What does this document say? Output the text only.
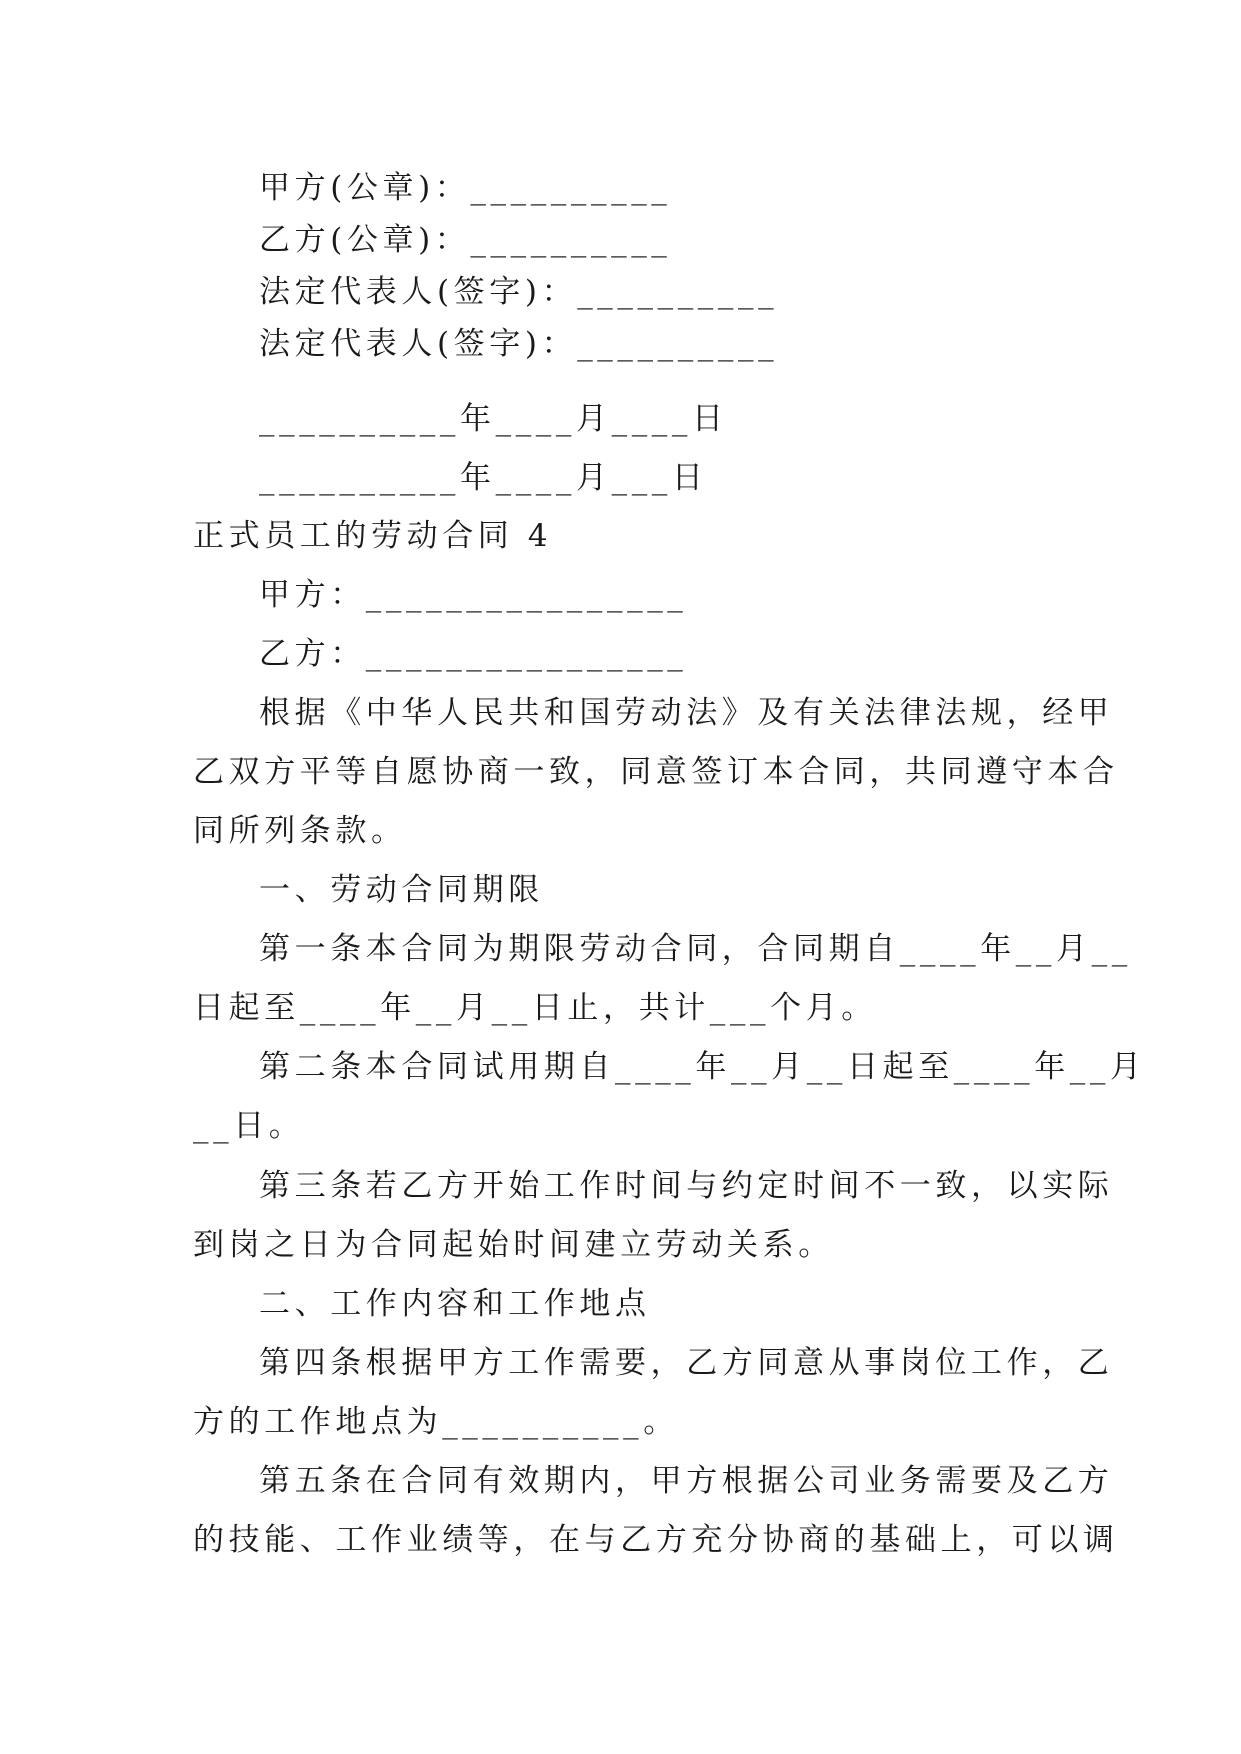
甲方(公章)：__________
乙方(公章)：__________
法定代表人(签字)：__________
法定代表人(签字)：__________
__________年____月____日
__________年____月___日
正式员工的劳动合同 4
甲方：________________
乙方：________________
根据《中华人民共和国劳动法》及有关法律法规，经甲
乙双方平等自愿协商一致，同意签订本合同，共同遵守本合
同所列条款。
一、劳动合同期限
第一条本合同为期限劳动合同，合同期自____年__月__
日起至____年__月__日止，共计___个月。
第二条本合同试用期自____年__月__日起至____年__月
__日。
第三条若乙方开始工作时间与约定时间不一致，以实际
到岗之日为合同起始时间建立劳动关系。
二、工作内容和工作地点
第四条根据甲方工作需要，乙方同意从事岗位工作，乙
方的工作地点为__________。
第五条在合同有效期内，甲方根据公司业务需要及乙方
的技能、工作业绩等，在与乙方充分协商的基础上，可以调
